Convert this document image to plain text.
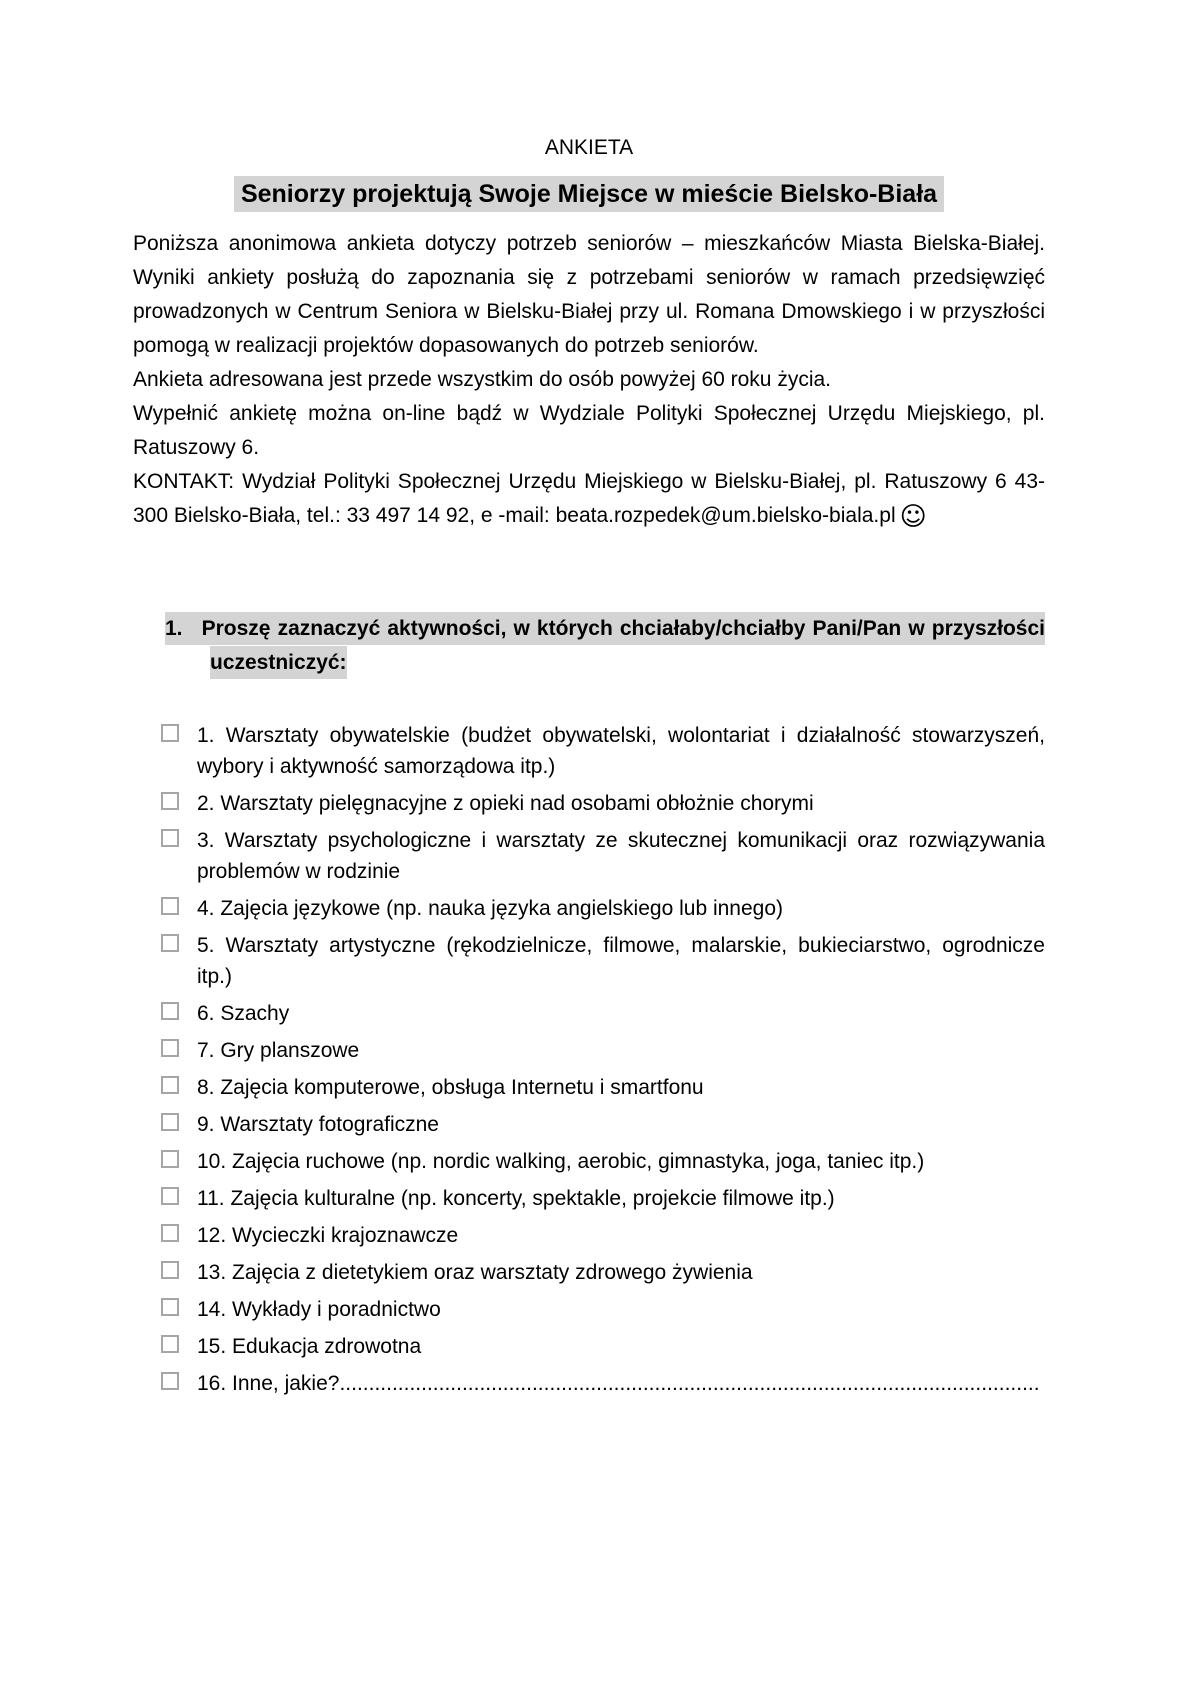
ANKIETA
Seniorzy projektują Swoje Miejsce w mieście Bielsko-Biała

Poniższa anonimowa ankieta dotyczy potrzeb seniorów – mieszkańców Miasta Bielska-Białej. Wyniki ankiety posłużą do zapoznania się z potrzebami seniorów w ramach przedsięwzięć prowadzonych w Centrum Seniora w Bielsku-Białej przy ul. Romana Dmowskiego i w przyszłości pomogą w realizacji projektów dopasowanych do potrzeb seniorów.

Ankieta adresowana jest przede wszystkim do osób powyżej 60 roku życia.

Wypełnić ankietę można on-line bądź w Wydziale Polityki Społecznej Urzędu Miejskiego, pl. Ratuszowy 6.

KONTAKT: Wydział Polityki Społecznej Urzędu Miejskiego w Bielsku-Białej, pl. Ratuszowy 6 43-300 Bielsko-Biała, tel.: 33 497 14 92, e -mail: beata.rozpedek@um.bielsko-biala.pl ☺

1. Proszę zaznaczyć aktywności, w których chciałaby/chciałby Pani/Pan w przyszłości uczestniczyć:
1. Warsztaty obywatelskie (budżet obywatelski, wolontariat i działalność stowarzyszeń, wybory i aktywność samorządowa itp.)
2. Warsztaty pielęgnacyjne z opieki nad osobami obłożnie chorymi
3. Warsztaty psychologiczne i warsztaty ze skutecznej komunikacji oraz rozwiązywania problemów w rodzinie
4. Zajęcia językowe (np. nauka języka angielskiego lub innego)
5. Warsztaty artystyczne (rękodzielnicze, filmowe, malarskie, bukieciarstwo, ogrodnicze itp.)
6. Szachy
7. Gry planszowe
8. Zajęcia komputerowe, obsługa Internetu i smartfonu
9. Warsztaty fotograficzne
10. Zajęcia ruchowe (np. nordic walking, aerobic, gimnastyka, joga, taniec itp.)
11. Zajęcia kulturalne (np. koncerty, spektakle, projekcie filmowe itp.)
12. Wycieczki krajoznawcze
13. Zajęcia z dietetykiem oraz warsztaty zdrowego żywienia
14. Wykłady i poradnictwo
15. Edukacja zdrowotna
16. Inne, jakie?........................................................................................................................
